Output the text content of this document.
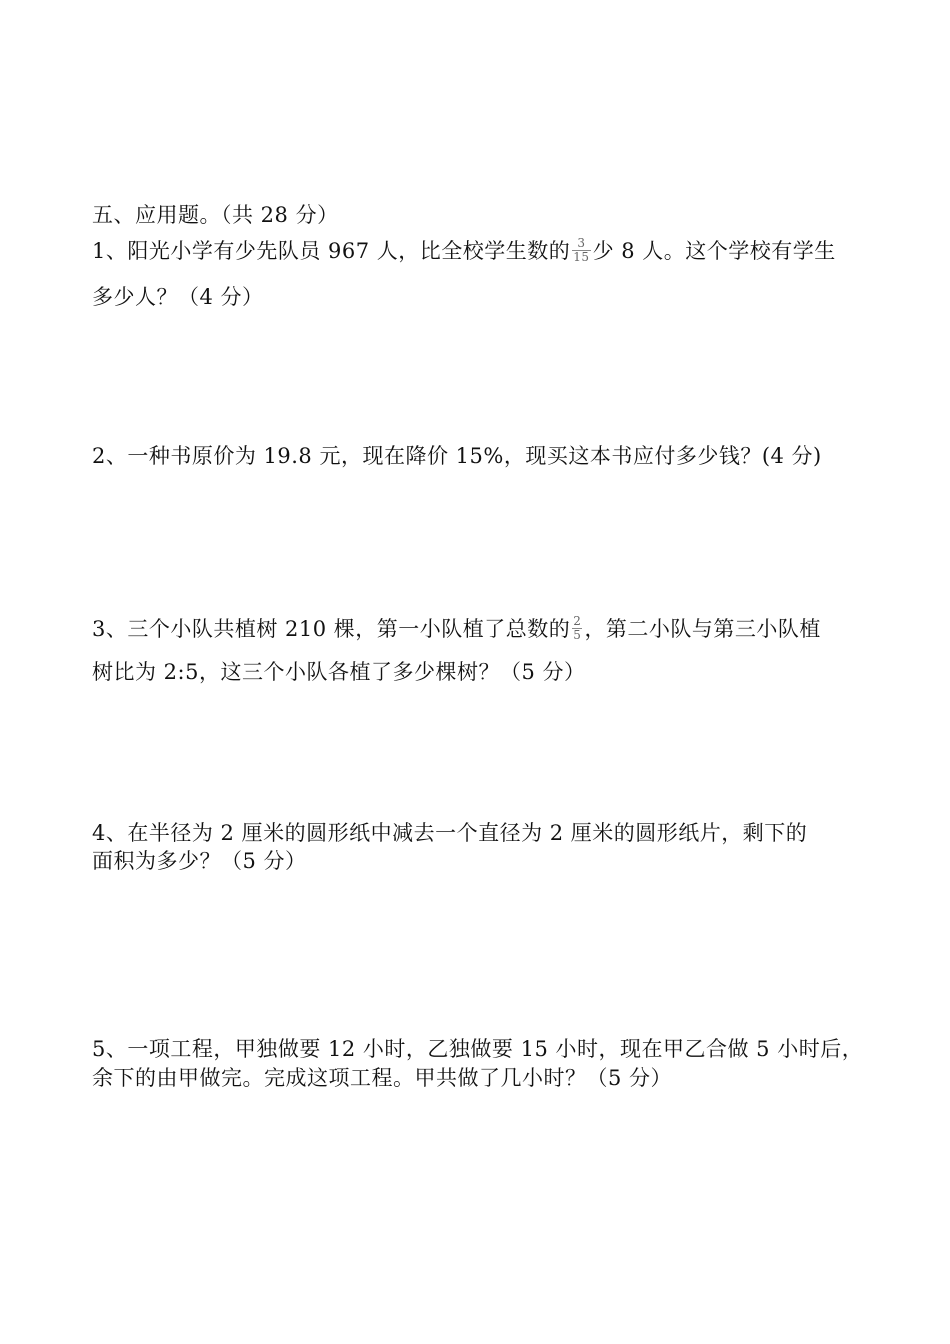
五、应用题。（共 28 分）
1、阳光小学有少先队员 967 人，比全校学生数的 $\frac{3}{15}$ 少 8 人。这个学校有学生
多少人？（4 分）
2、一种书原价为 19.8 元，现在降价 15%，现买这本书应付多少钱？(4 分)
3、三个小队共植树 210 棵，第一小队植了总数的 $\frac{2}{5}$ ，第二小队与第三小队植
树比为 2:5，这三个小队各植了多少棵树？（5 分）
4、在半径为 2 厘米的圆形纸中减去一个直径为 2 厘米的圆形纸片，剩下的
面积为多少？（5 分）
5、一项工程，甲独做要 12 小时，乙独做要 15 小时，现在甲乙合做 5 小时后，
余下的由甲做完。完成这项工程。甲共做了几小时？（5 分）
